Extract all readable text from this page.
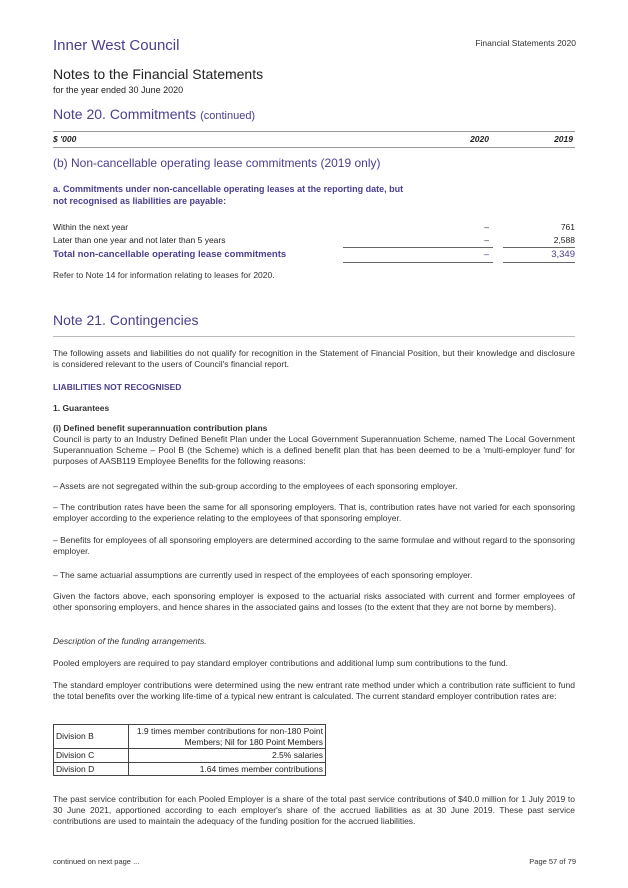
Inner West Council	Financial Statements 2020
Notes to the Financial Statements
for the year ended 30 June 2020
Note 20. Commitments (continued)
$ '000	2020	2019
(b) Non-cancellable operating lease commitments (2019 only)
a. Commitments under non-cancellable operating leases at the reporting date, but not recognised as liabilities are payable:
Within the next year	–	761
Later than one year and not later than 5 years	–	2,588
Total non-cancellable operating lease commitments	–	3,349
Refer to Note 14 for information relating to leases for 2020.
Note 21. Contingencies
The following assets and liabilities do not qualify for recognition in the Statement of Financial Position, but their knowledge and disclosure is considered relevant to the users of Council's financial report.
LIABILITIES NOT RECOGNISED
1. Guarantees
(i) Defined benefit superannuation contribution plans
Council is party to an Industry Defined Benefit Plan under the Local Government Superannuation Scheme, named The Local Government Superannuation Scheme – Pool B (the Scheme) which is a defined benefit plan that has been deemed to be a 'multi-employer fund' for purposes of AASB119 Employee Benefits for the following reasons:
– Assets are not segregated within the sub-group according to the employees of each sponsoring employer.
– The contribution rates have been the same for all sponsoring employers. That is, contribution rates have not varied for each sponsoring employer according to the experience relating to the employees of that sponsoring employer.
– Benefits for employees of all sponsoring employers are determined according to the same formulae and without regard to the sponsoring employer.
– The same actuarial assumptions are currently used in respect of the employees of each sponsoring employer.
Given the factors above, each sponsoring employer is exposed to the actuarial risks associated with current and former employees of other sponsoring employers, and hence shares in the associated gains and losses (to the extent that they are not borne by members).
Description of the funding arrangements.
Pooled employers are required to pay standard employer contributions and additional lump sum contributions to the fund.
The standard employer contributions were determined using the new entrant rate method under which a contribution rate sufficient to fund the total benefits over the working life-time of a typical new entrant is calculated. The current standard employer contribution rates are:
Division B	1.9 times member contributions for non-180 Point Members; Nil for 180 Point Members
Division C	2.5% salaries
Division D	1.64 times member contributions
The past service contribution for each Pooled Employer is a share of the total past service contributions of $40.0 million for 1 July 2019 to 30 June 2021, apportioned according to each employer's share of the accrued liabilities as at 30 June 2019. These past service contributions are used to maintain the adequacy of the funding position for the accrued liabilities.
continued on next page ...	Page 57 of 79
